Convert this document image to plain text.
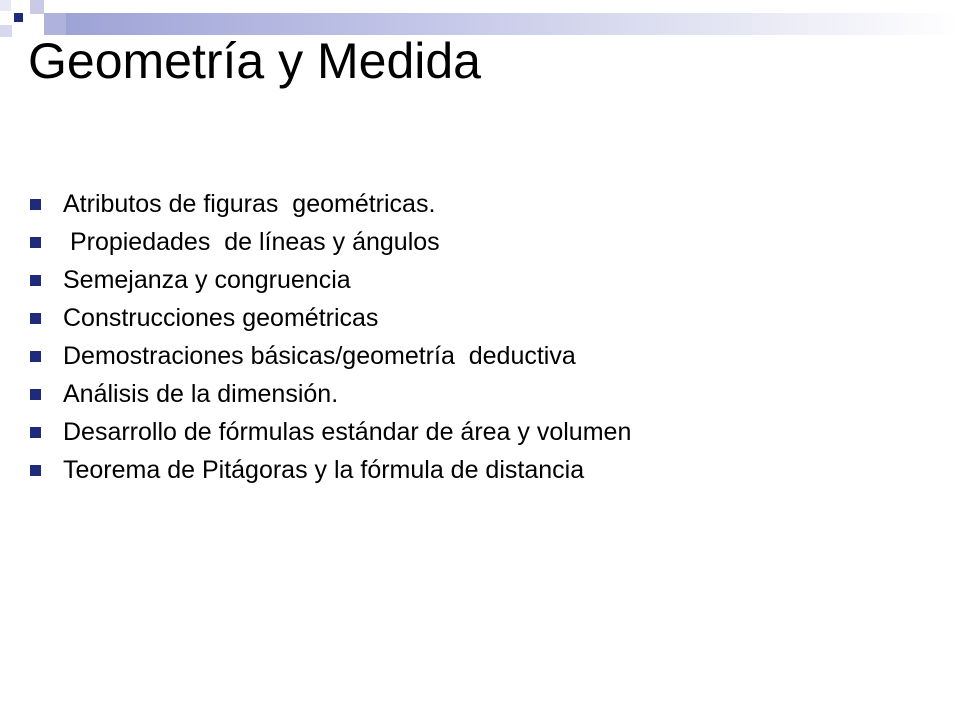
Geometría y Medida
Atributos de figuras  geométricas.
Propiedades  de líneas y ángulos
Semejanza y congruencia
Construcciones geométricas
Demostraciones básicas/geometría  deductiva
Análisis de la dimensión.
Desarrollo de fórmulas estándar de área y volumen
Teorema de Pitágoras y la fórmula de distancia
